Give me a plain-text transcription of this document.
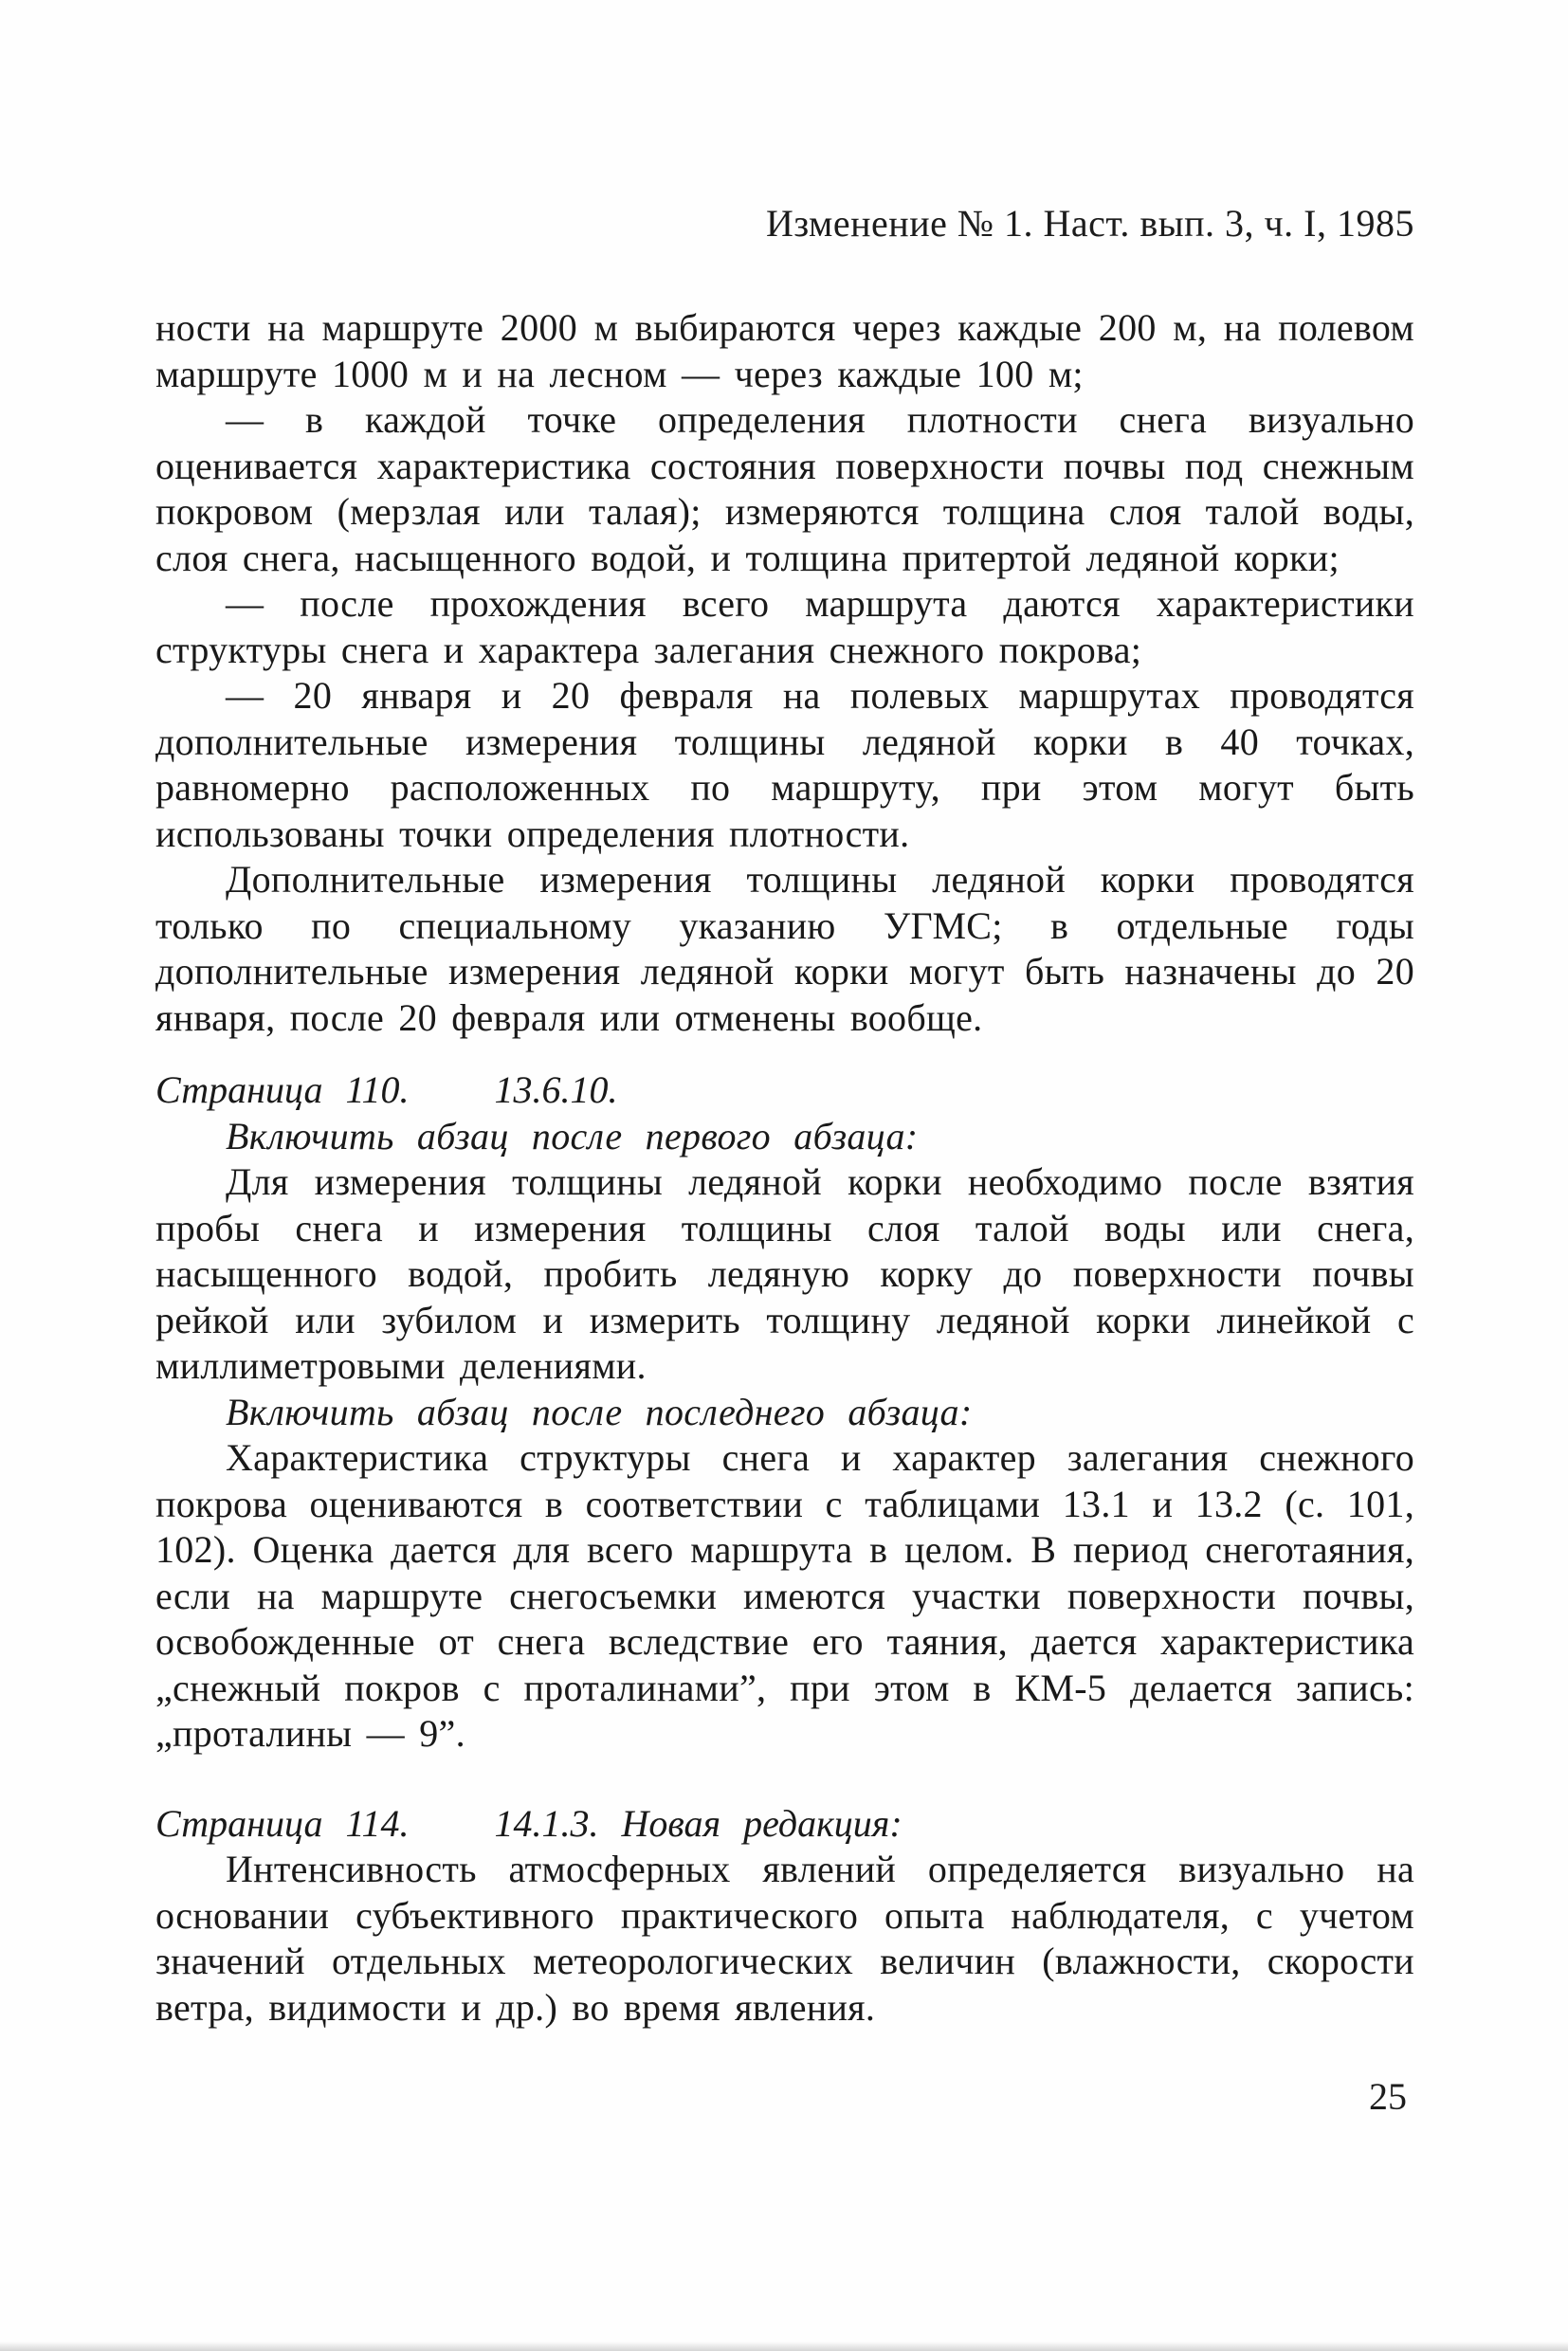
Изменение № 1. Наст. вып. 3, ч. I, 1985

ности на маршруте 2000 м выбираются через каждые 200 м, на полевом маршруте 1000 м и на лесном — через каждые 100 м;

— в каждой точке определения плотности снега визуально оценивается характеристика состояния поверхности почвы под снежным покровом (мерзлая или талая); измеряются толщина слоя талой воды, слоя снега, насыщенного водой, и толщина притертой ледяной корки;

— после прохождения всего маршрута даются характеристики структуры снега и характера залегания снежного покрова;

— 20 января и 20 февраля на полевых маршрутах проводятся дополнительные измерения толщины ледяной корки в 40 точках, равномерно расположенных по маршруту, при этом могут быть использованы точки определения плотности.

Дополнительные измерения толщины ледяной корки проводятся только по специальному указанию УГМС; в отдельные годы дополнительные измерения ледяной корки могут быть назначены до 20 января, после 20 февраля или отменены вообще.

Страница 110. 13.6.10.

Включить абзац после первого абзаца:

Для измерения толщины ледяной корки необходимо после взятия пробы снега и измерения толщины слоя талой воды или снега, насыщенного водой, пробить ледяную корку до поверхности почвы рейкой или зубилом и измерить толщину ледяной корки линейкой с миллиметровыми делениями.

Включить абзац после последнего абзаца:

Характеристика структуры снега и характер залегания снежного покрова оцениваются в соответствии с таблицами 13.1 и 13.2 (с. 101, 102). Оценка дается для всего маршрута в целом. В период снеготаяния, если на маршруте снегосъемки имеются участки поверхности почвы, освобожденные от снега вследствие его таяния, дается характеристика „снежный покров с проталинами”, при этом в КМ-5 делается запись: „проталины — 9”.

Страница 114. 14.1.3. Новая редакция:

Интенсивность атмосферных явлений определяется визуально на основании субъективного практического опыта наблюдателя, с учетом значений отдельных метеорологических величин (влажности, скорости ветра, видимости и др.) во время явления.

25
